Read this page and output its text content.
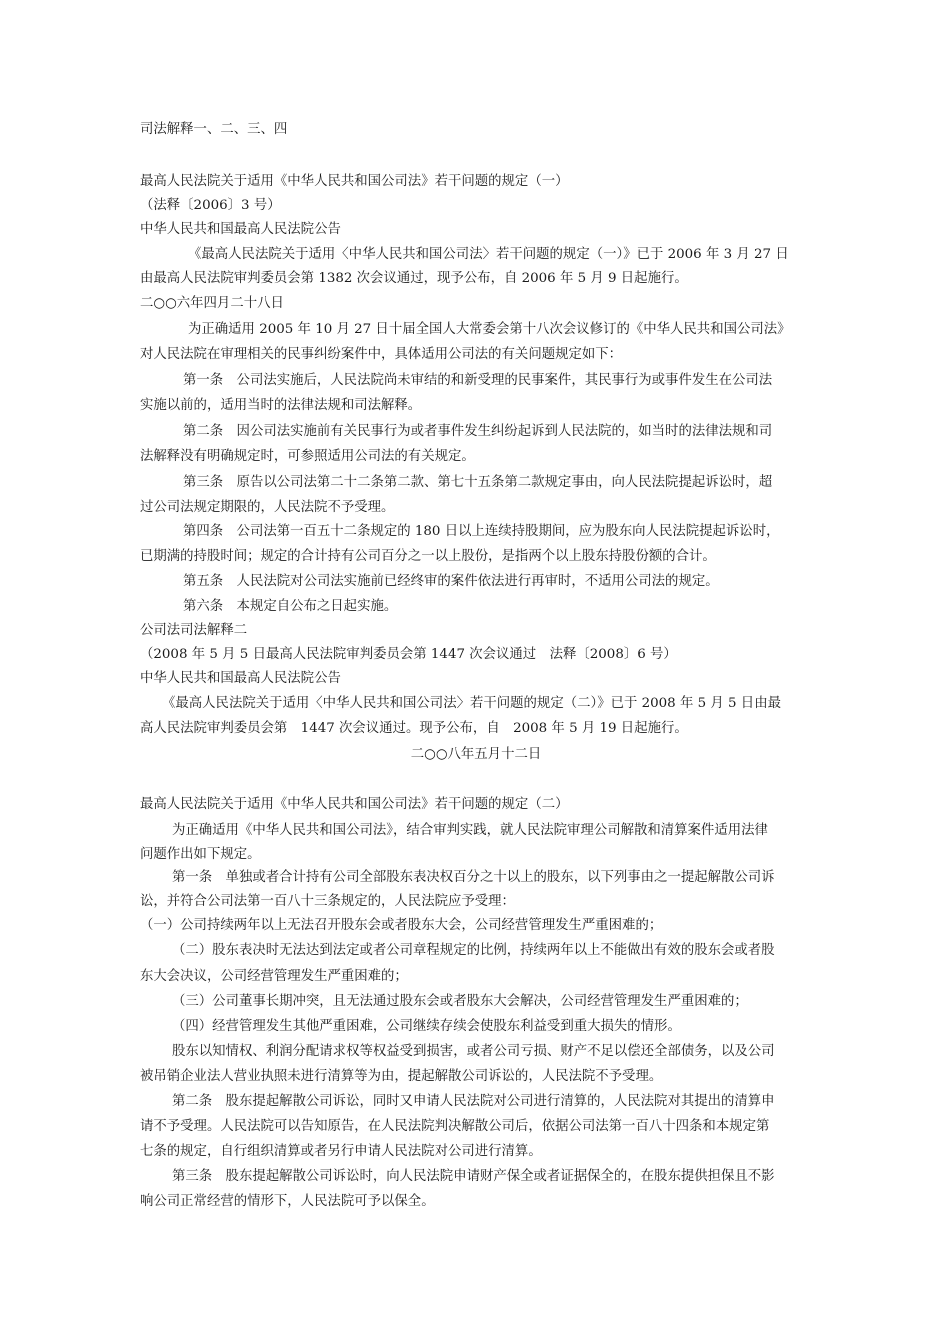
司法解释一、二、三、四
最高人民法院关于适用《中华人民共和国公司法》若干问题的规定（一）
（法释〔2006〕3 号）
中华人民共和国最高人民法院公告
《最高人民法院关于适用〈中华人民共和国公司法〉若干问题的规定（一）》已于 2006 年 3 月 27 日
由最高人民法院审判委员会第 1382 次会议通过，现予公布，自 2006 年 5 月 9 日起施行。
二○○六年四月二十八日
为正确适用 2005 年 10 月 27 日十届全国人大常委会第十八次会议修订的《中华人民共和国公司法》
对人民法院在审理相关的民事纠纷案件中，具体适用公司法的有关问题规定如下：
第一条　公司法实施后，人民法院尚未审结的和新受理的民事案件，其民事行为或事件发生在公司法
实施以前的，适用当时的法律法规和司法解释。
第二条　因公司法实施前有关民事行为或者事件发生纠纷起诉到人民法院的，如当时的法律法规和司
法解释没有明确规定时，可参照适用公司法的有关规定。
第三条　原告以公司法第二十二条第二款、第七十五条第二款规定事由，向人民法院提起诉讼时，超
过公司法规定期限的，人民法院不予受理。
第四条　公司法第一百五十二条规定的 180 日以上连续持股期间，应为股东向人民法院提起诉讼时，
已期满的持股时间；规定的合计持有公司百分之一以上股份，是指两个以上股东持股份额的合计。
第五条　人民法院对公司法实施前已经终审的案件依法进行再审时，不适用公司法的规定。
第六条　本规定自公布之日起实施。
公司法司法解释二
（2008 年 5 月 5 日最高人民法院审判委员会第 1447 次会议通过　法释〔2008〕6 号）
中华人民共和国最高人民法院公告
《最高人民法院关于适用〈中华人民共和国公司法〉若干问题的规定（二）》已于 2008 年 5 月 5 日由最
高人民法院审判委员会第　1447 次会议通过。现予公布，自　2008 年 5 月 19 日起施行。
二○○八年五月十二日
最高人民法院关于适用《中华人民共和国公司法》若干问题的规定（二）
为正确适用《中华人民共和国公司法》，结合审判实践，就人民法院审理公司解散和清算案件适用法律
问题作出如下规定。
第一条　单独或者合计持有公司全部股东表决权百分之十以上的股东，以下列事由之一提起解散公司诉
讼，并符合公司法第一百八十三条规定的，人民法院应予受理：
（一）公司持续两年以上无法召开股东会或者股东大会，公司经营管理发生严重困难的；
（二）股东表决时无法达到法定或者公司章程规定的比例，持续两年以上不能做出有效的股东会或者股
东大会决议，公司经营管理发生严重困难的；
（三）公司董事长期冲突，且无法通过股东会或者股东大会解决，公司经营管理发生严重困难的；
（四）经营管理发生其他严重困难，公司继续存续会使股东利益受到重大损失的情形。
股东以知情权、利润分配请求权等权益受到损害，或者公司亏损、财产不足以偿还全部债务，以及公司
被吊销企业法人营业执照未进行清算等为由，提起解散公司诉讼的，人民法院不予受理。
第二条　股东提起解散公司诉讼，同时又申请人民法院对公司进行清算的，人民法院对其提出的清算申
请不予受理。人民法院可以告知原告，在人民法院判决解散公司后，依据公司法第一百八十四条和本规定第
七条的规定，自行组织清算或者另行申请人民法院对公司进行清算。
第三条　股东提起解散公司诉讼时，向人民法院申请财产保全或者证据保全的，在股东提供担保且不影
响公司正常经营的情形下，人民法院可予以保全。
